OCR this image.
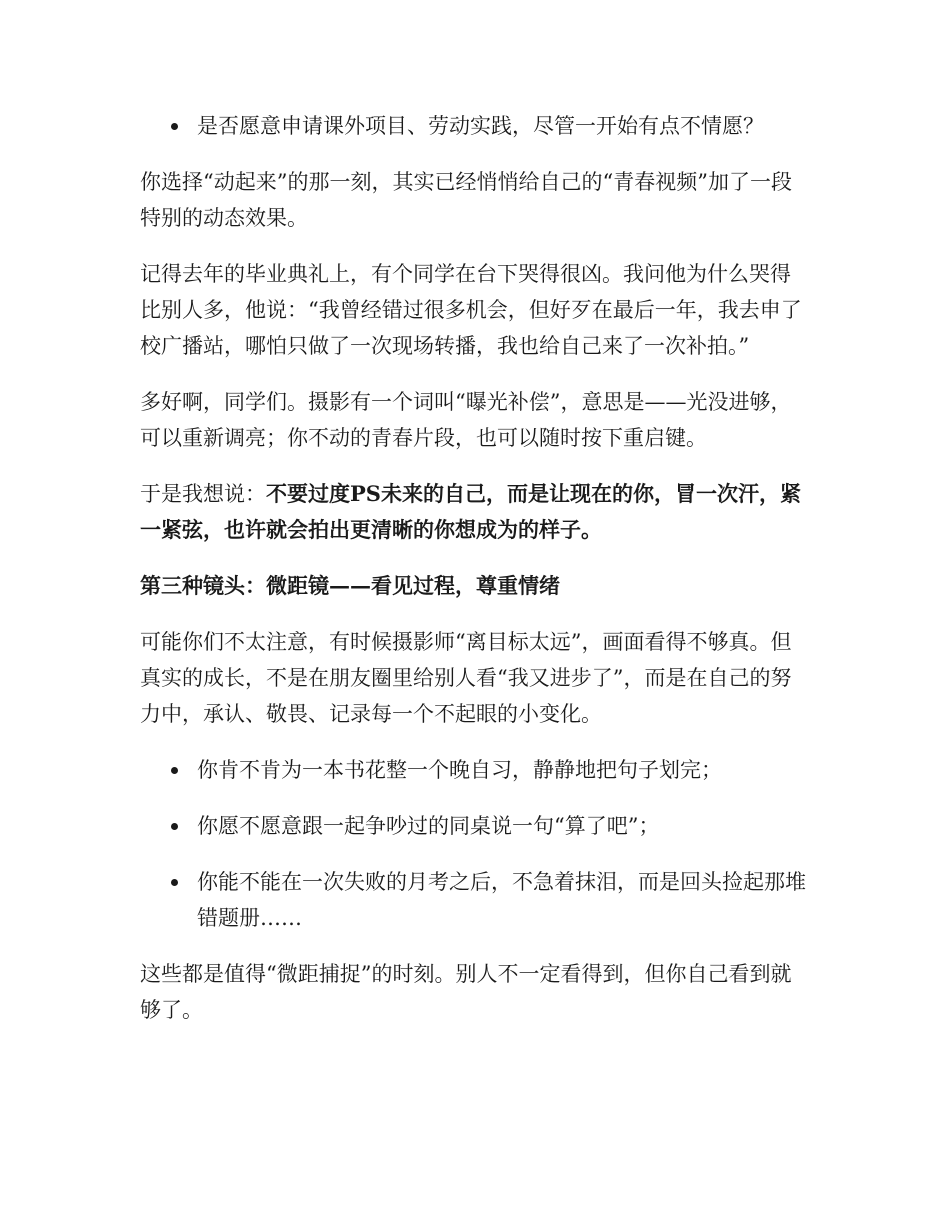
是否愿意申请课外项目、劳动实践，尽管一开始有点不情愿？

你选择“动起来”的那一刻，其实已经悄悄给自己的“青春视频”加了一段特别的动态效果。

记得去年的毕业典礼上，有个同学在台下哭得很凶。我问他为什么哭得比别人多，他说：“我曾经错过很多机会，但好歹在最后一年，我去申了校广播站，哪怕只做了一次现场转播，我也给自己来了一次补拍。”

多好啊，同学们。摄影有一个词叫“曝光补偿”，意思是——光没进够，可以重新调亮；你不动的青春片段，也可以随时按下重启键。

于是我想说：不要过度PS未来的自己，而是让现在的你，冒一次汗，紧一紧弦，也许就会拍出更清晰的你想成为的样子。

第三种镜头：微距镜——看见过程，尊重情绪

可能你们不太注意，有时候摄影师“离目标太远”，画面看得不够真。但真实的成长，不是在朋友圈里给别人看“我又进步了”，而是在自己的努力中，承认、敬畏、记录每一个不起眼的小变化。

你肯不肯为一本书花整一个晚自习，静静地把句子划完；
你愿不愿意跟一起争吵过的同桌说一句“算了吧”；
你能不能在一次失败的月考之后，不急着抹泪，而是回头捡起那堆错题册……

这些都是值得“微距捕捉”的时刻。别人不一定看得到，但你自己看到就够了。
